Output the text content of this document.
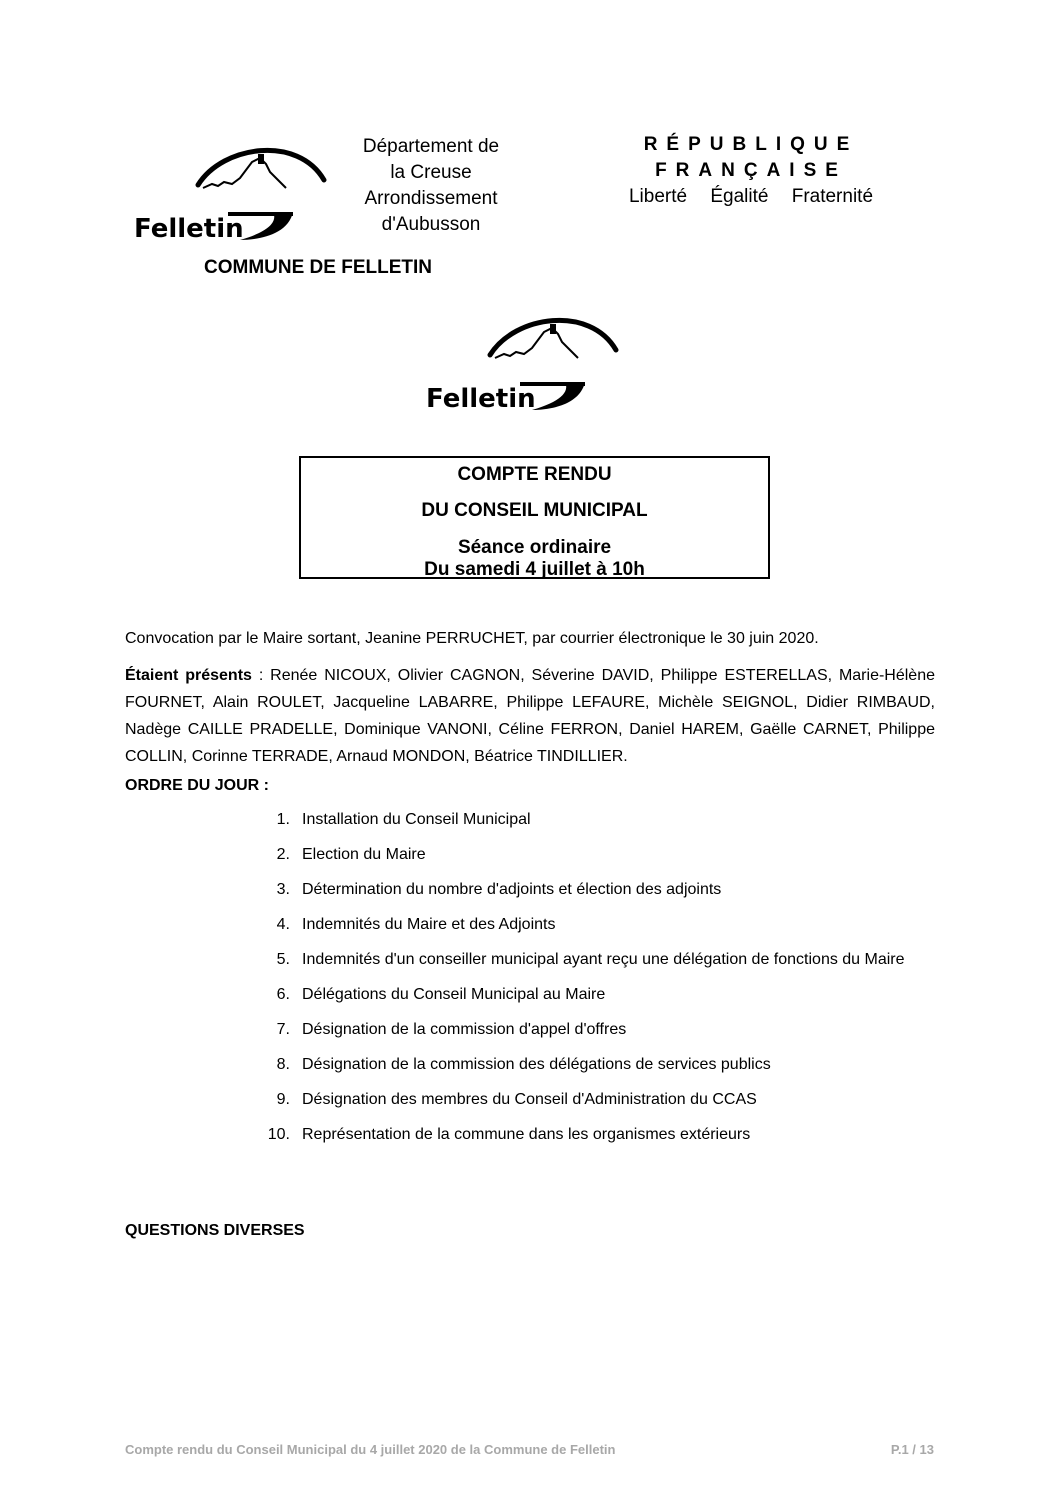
Felletin
Département de
la Creuse
Arrondissement
d'Aubusson
RÉPUBLIQUE FRANÇAISE
Liberté Égalité Fraternité
COMMUNE DE FELLETIN
Felletin
COMPTE RENDU
DU CONSEIL MUNICIPAL
Séance ordinaire
Du samedi 4 juillet à 10h
Convocation par le Maire sortant, Jeanine PERRUCHET, par courrier électronique le 30 juin 2020.
Étaient présents : Renée NICOUX, Olivier CAGNON, Séverine DAVID, Philippe ESTERELLAS, Marie-Hélène FOURNET, Alain ROULET, Jacqueline LABARRE, Philippe LEFAURE, Michèle SEIGNOL, Didier RIMBAUD, Nadège CAILLE PRADELLE, Dominique VANONI, Céline FERRON, Daniel HAREM, Gaëlle CARNET, Philippe COLLIN, Corinne TERRADE, Arnaud MONDON, Béatrice TINDILLIER.
ORDRE DU JOUR :
1. Installation du Conseil Municipal
2. Election du Maire
3. Détermination du nombre d'adjoints et élection des adjoints
4. Indemnités du Maire et des Adjoints
5. Indemnités d'un conseiller municipal ayant reçu une délégation de fonctions du Maire
6. Délégations du Conseil Municipal au Maire
7. Désignation de la commission d'appel d'offres
8. Désignation de la commission des délégations de services publics
9. Désignation des membres du Conseil d'Administration du CCAS
10. Représentation de la commune dans les organismes extérieurs
QUESTIONS DIVERSES
Compte rendu du Conseil Municipal du 4 juillet 2020 de la Commune de Felletin	P.1 / 13
